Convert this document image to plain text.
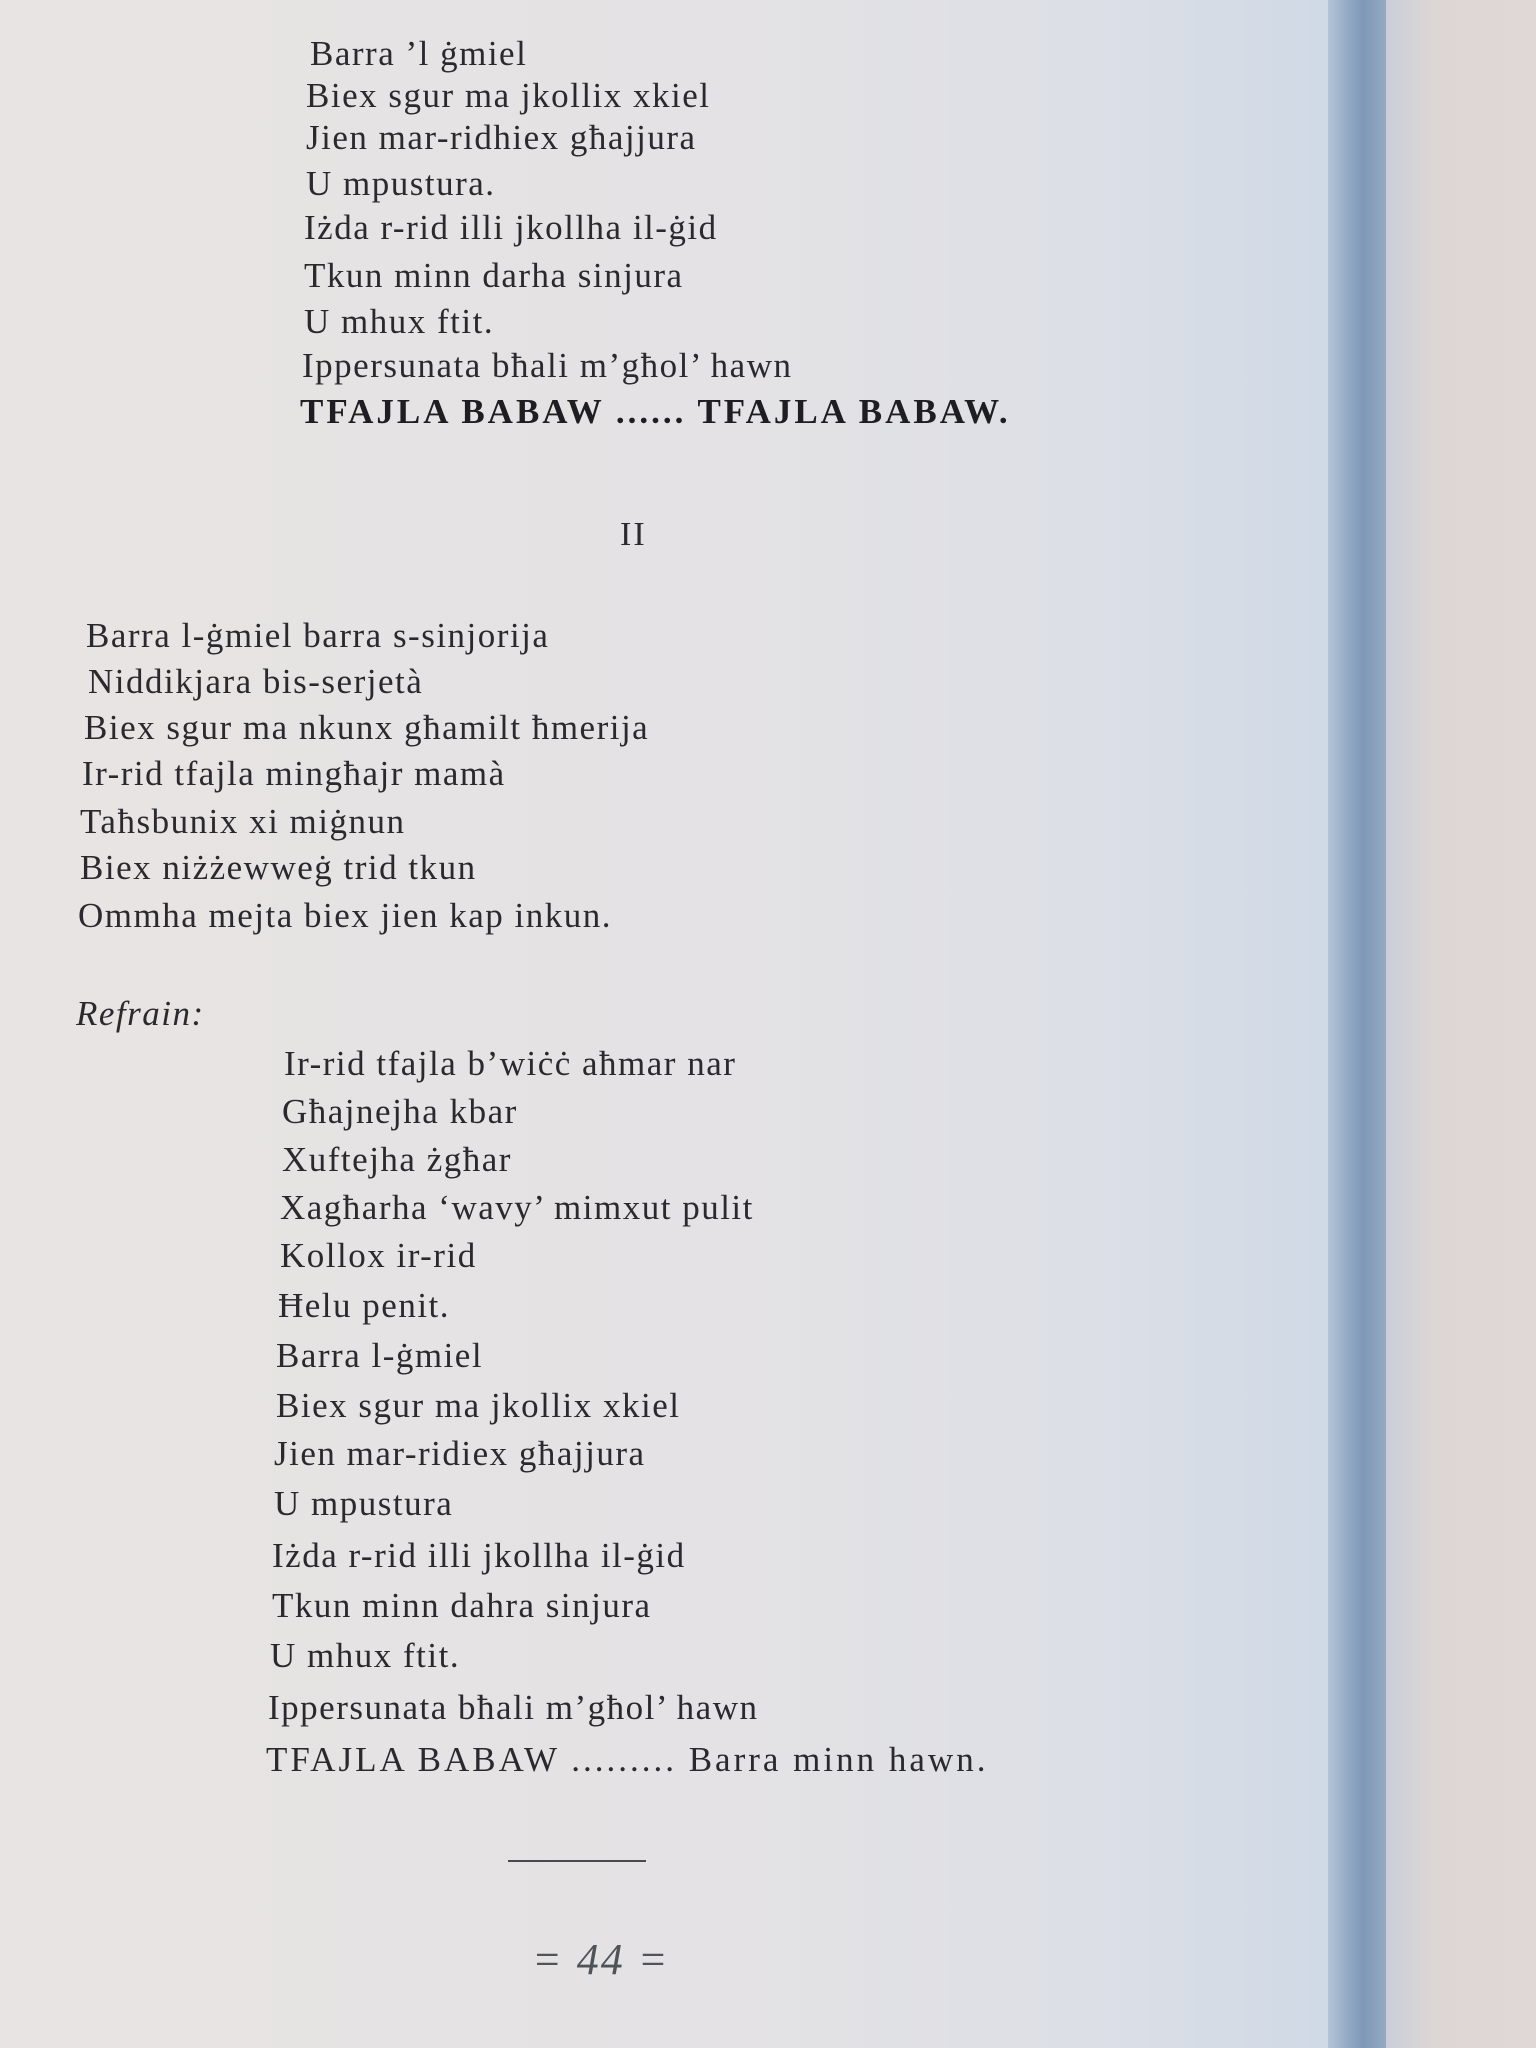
Barra ’l ġmiel
Biex sgur ma jkollix xkiel
Jien mar-ridhiex għajjura
U mpustura.
Iżda r-rid illi jkollha il-ġid
Tkun minn darha sinjura
U mhux ftit.
Ippersunata bħali m’għol’ hawn
TFAJLA BABAW ...... TFAJLA BABAW.
II
Barra l-ġmiel barra s-sinjorija
Niddikjara bis-serjetà
Biex sgur ma nkunx għamilt ħmerija
Ir-rid tfajla mingħajr mamà
Taħsbunix xi miġnun
Biex niżżewweġ trid tkun
Ommha mejta biex jien kap inkun.
Refrain:
Ir-rid tfajla b’wiċċ aħmar nar
Għajnejha kbar
Xuftejha żgħar
Xagħarha ‘wavy’ mimxut pulit
Kollox ir-rid
Ħelu penit.
Barra l-ġmiel
Biex sgur ma jkollix xkiel
Jien mar-ridiex għajjura
U mpustura
Iżda r-rid illi jkollha il-ġid
Tkun minn dahra sinjura
U mhux ftit.
Ippersunata bħali m’għol’ hawn
TFAJLA BABAW ......... Barra minn hawn.
= 44 =
